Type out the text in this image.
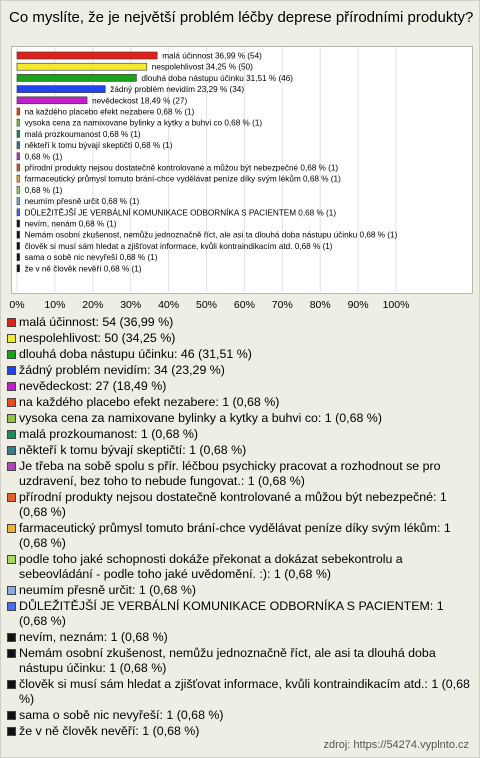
Co myslíte, že je největší problém léčby deprese přírodními produkty?
0% 10% 20% 30% 40% 50% 60% 70% 80% 90% 100%
malá účinnost 36,99 % (54)
nespolehlivost 34,25 % (50)
dlouhá doba nástupu účinku 31,51 % (46)
žádný problém nevidím 23,29 % (34)
nevědeckost 18,49 % (27)
na každého placebo efekt nezabere 0,68 % (1)
vysoka cena za namixovane bylinky a kytky a buhvi co 0,68 % (1)
malá prozkoumanost 0,68 % (1)
někteří k tomu bývají skeptičtí 0,68 % (1)
0,68 % (1)
přírodní produkty nejsou dostatečně kontrolované a můžou být nebezpečné 0,68 % (1)
farmaceutický průmysl tomuto brání-chce vydělávat peníze díky svým lékům 0,68 % (1)
0,68 % (1)
neumím přesně určit 0,68 % (1)
DŮLEŽITĚJŠÍ JE VERBÁLNÍ KOMUNIKACE ODBORNÍKA S PACIENTEM 0,68 % (1)
nevím, nenám 0,68 % (1)
Nemám osobní zkušenost, nemůžu jednoznačně říct, ale asi ta dlouhá doba nástupu účinku 0,68 % (1)
člověk si musí sám hledat a zjišťovat informace, kvůli kontraindikacím atd. 0,68 % (1)
sama o sobě nic nevyřeší 0,68 % (1)
že v ně člověk nevěří 0,68 % (1)
malá účinnost: 54 (36,99 %)
nespolehlivost: 50 (34,25 %)
dlouhá doba nástupu účinku: 46 (31,51 %)
žádný problém nevidím: 34 (23,29 %)
nevědeckost: 27 (18,49 %)
na každého placebo efekt nezabere: 1 (0,68 %)
vysoka cena za namixovane bylinky a kytky a buhvi co: 1 (0,68 %)
malá prozkoumanost: 1 (0,68 %)
někteří k tomu bývají skeptičtí: 1 (0,68 %)
Je třeba na sobě spolu s přír. léčbou psychicky pracovat a rozhodnout se pro uzdravení, bez toho to nebude fungovat.: 1 (0,68 %)
přírodní produkty nejsou dostatečně kontrolované a můžou být nebezpečné: 1 (0,68 %)
farmaceutický průmysl tomuto brání-chce vydělávat peníze díky svým lékům: 1 (0,68 %)
podle toho jaké schopnosti dokáže překonat a dokázat sebekontrolu a sebeovládání - podle toho jaké uvědomění. :): 1 (0,68 %)
neumím přesně určit: 1 (0,68 %)
DŮLEŽITĚJŠÍ JE VERBÁLNÍ KOMUNIKACE ODBORNÍKA S PACIENTEM: 1 (0,68 %)
nevím, neznám: 1 (0,68 %)
Nemám osobní zkušenost, nemůžu jednoznačně říct, ale asi ta dlouhá doba nástupu účinku: 1 (0,68 %)
člověk si musí sám hledat a zjišťovat informace, kvůli kontraindikacím atd.: 1 (0,68 %)
sama o sobě nic nevyřeší: 1 (0,68 %)
že v ně člověk nevěří: 1 (0,68 %)
zdroj: https://54274.vyplnto.cz
